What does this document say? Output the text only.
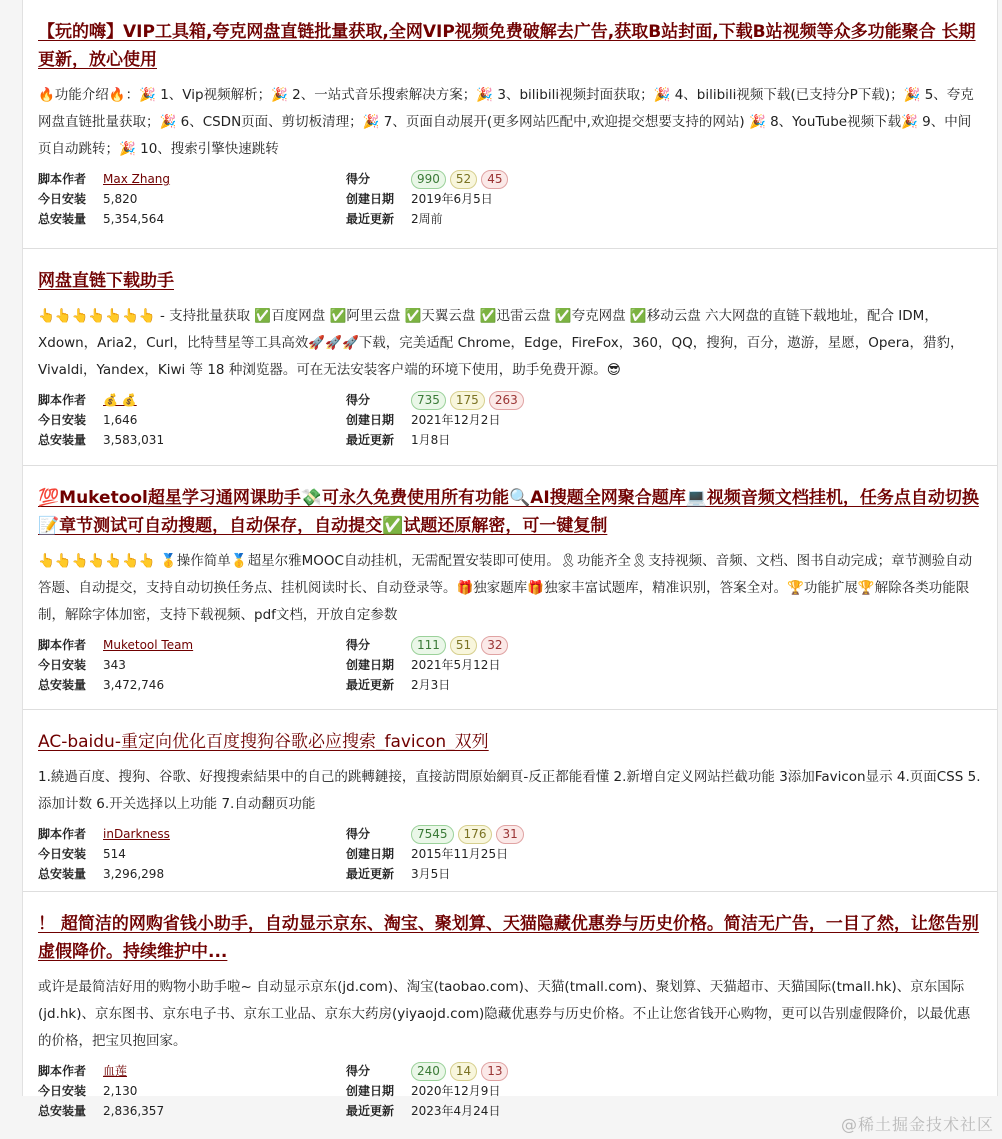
【玩的嗨】VIP工具箱,夸克网盘直链批量获取,全网VIP视频免费破解去广告,获取B站封面,下载B站视频等众多功能聚合 长期更新，放心使用
🔥功能介绍🔥：🎉 1、Vip视频解析；🎉 2、一站式音乐搜索解决方案；🎉 3、bilibili视频封面获取；🎉 4、bilibili视频下载(已支持分P下载)；🎉 5、夸克网盘直链批量获取；🎉 6、CSDN页面、剪切板清理；🎉 7、页面自动展开(更多网站匹配中,欢迎提交想要支持的网站) 🎉 8、YouTube视频下载🎉 9、中间页自动跳转；🎉 10、搜索引擎快速跳转
脚本作者	Max Zhang	得分	990	52	45
今日安装	5,820	创建日期	2019年6月5日
总安装量	5,354,564	最近更新	2周前
网盘直链下载助手
👆👆👆👆👆👆👆 - 支持批量获取 ✅百度网盘 ✅阿里云盘 ✅天翼云盘 ✅迅雷云盘 ✅夸克网盘 ✅移动云盘 六大网盘的直链下载地址，配合 IDM，Xdown，Aria2，Curl，比特彗星等工具高效🚀🚀🚀下载，完美适配 Chrome，Edge，FireFox，360，QQ，搜狗，百分，遨游，星愿，Opera，猎豹，Vivaldi，Yandex，Kiwi 等 18 种浏览器。可在无法安装客户端的环境下使用，助手免费开源。😎
脚本作者	💰 💰	得分	735	175	263
今日安装	1,646	创建日期	2021年12月2日
总安装量	3,583,031	最近更新	1月8日
💯Muketool超星学习通网课助手💸可永久免费使用所有功能🔍AI搜题全网聚合题库💻视频音频文档挂机，任务点自动切换📝章节测试可自动搜题，自动保存，自动提交✅试题还原解密，可一键复制
👆👆👆👆👆👆👆 🥇操作简单🥇超星尔雅MOOC自动挂机，无需配置安装即可使用。🎗功能齐全🎗支持视频、音频、文档、图书自动完成；章节测验自动答题、自动提交，支持自动切换任务点、挂机阅读时长、自动登录等。🎁独家题库🎁独家丰富试题库，精准识别，答案全对。🏆功能扩展🏆解除各类功能限制，解除字体加密，支持下载视频、pdf文档，开放自定参数
脚本作者	Muketool Team	得分	111	51	32
今日安装	343	创建日期	2021年5月12日
总安装量	3,472,746	最近更新	2月3日
AC-baidu-重定向优化百度搜狗谷歌必应搜索_favicon_双列
1.繞過百度、搜狗、谷歌、好搜搜索結果中的自己的跳轉鏈接，直接訪問原始網頁-反正都能看懂 2.新增自定义网站拦截功能 3添加Favicon显示 4.页面CSS 5.添加计数 6.开关选择以上功能 7.自动翻页功能
脚本作者	inDarkness	得分	7545	176	31
今日安装	514	创建日期	2015年11月25日
总安装量	3,296,298	最近更新	3月5日
！ 超简洁的网购省钱小助手，自动显示京东、淘宝、聚划算、天猫隐藏优惠券与历史价格。简洁无广告，一目了然，让您告别虚假降价。持续维护中...
或许是最简洁好用的购物小助手啦~ 自动显示京东(jd.com)、淘宝(taobao.com)、天猫(tmall.com)、聚划算、天猫超市、天猫国际(tmall.hk)、京东国际(jd.hk)、京东图书、京东电子书、京东工业品、京东大药房(yiyaojd.com)隐藏优惠券与历史价格。不止让您省钱开心购物，更可以告别虚假降价，以最优惠的价格，把宝贝抱回家。
脚本作者	血莲	得分	240	14	13
今日安装	2,130	创建日期	2020年12月9日
总安装量	2,836,357	最近更新	2023年4月24日
@稀土掘金技术社区
